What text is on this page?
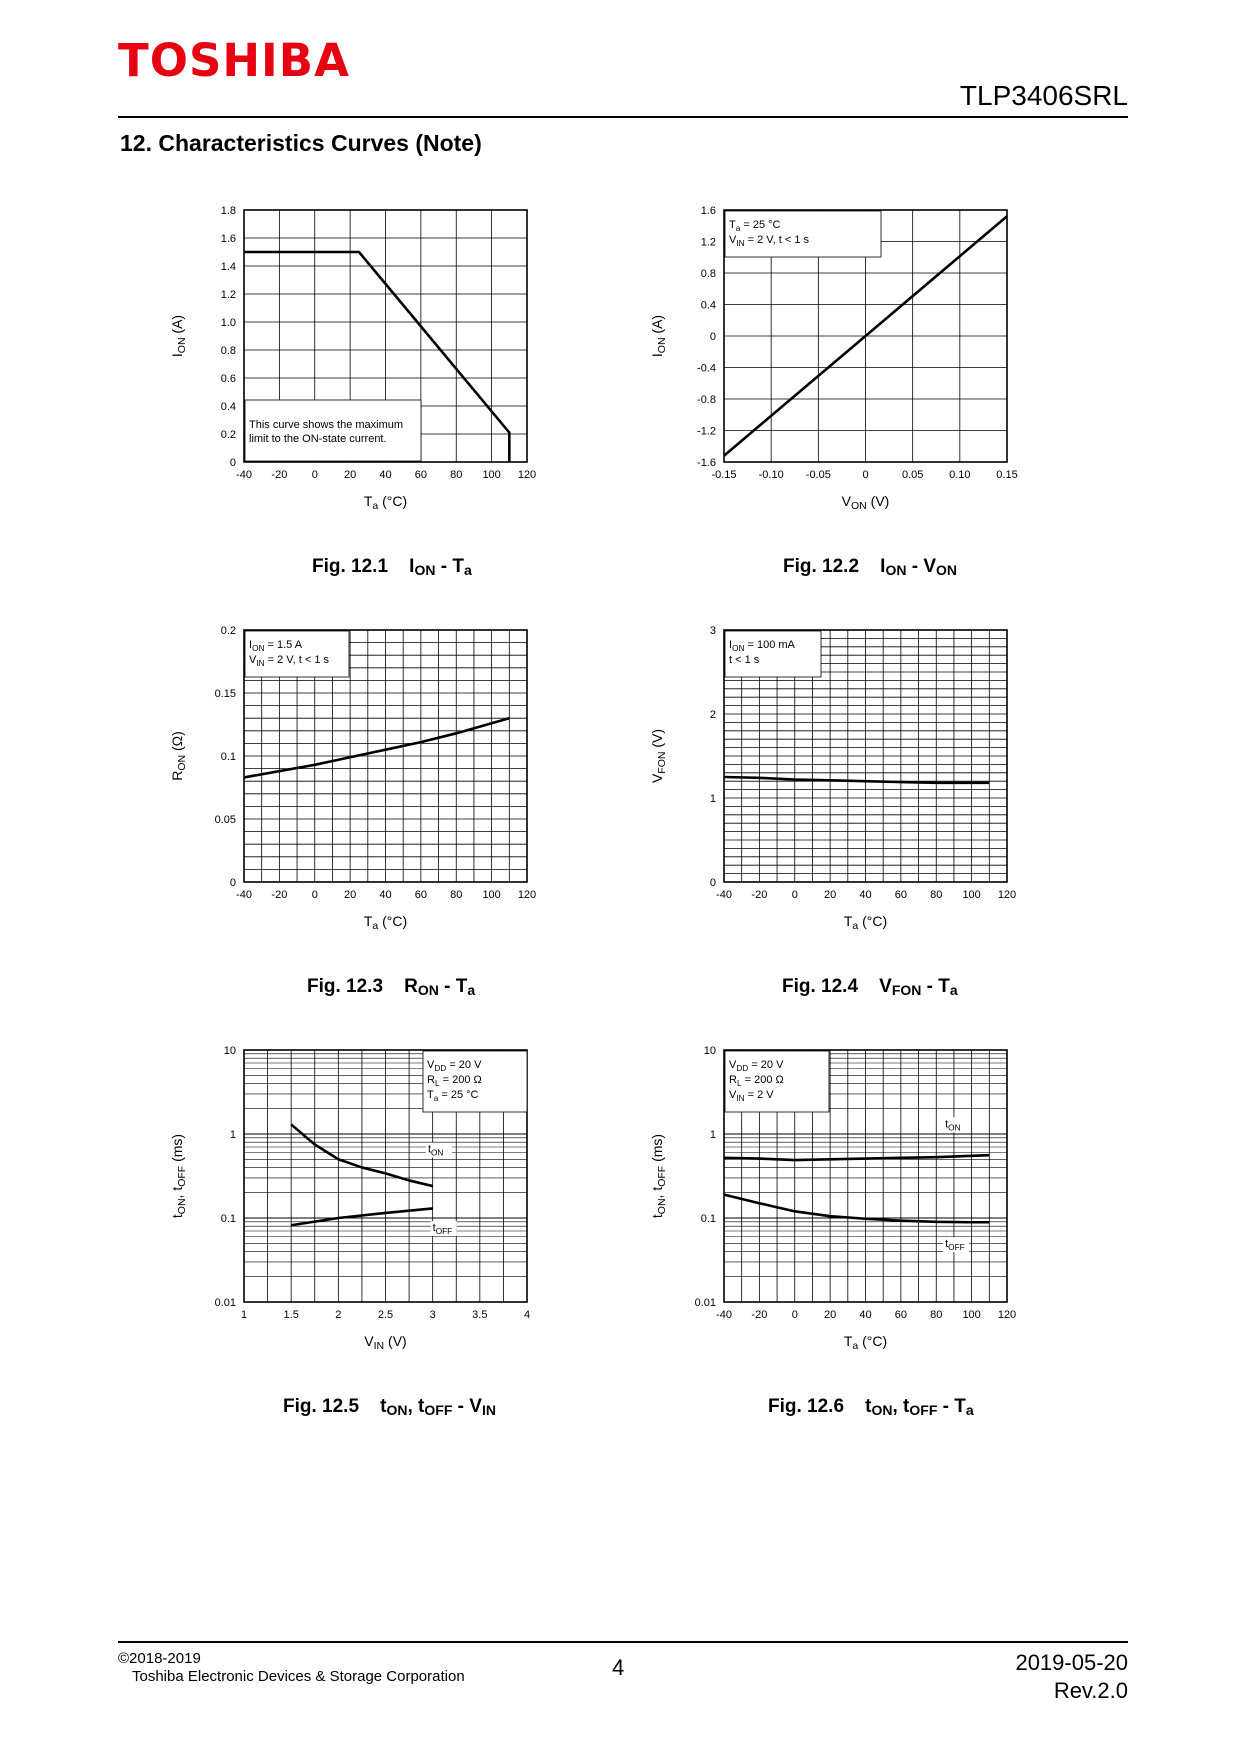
TOSHIBA
TLP3406SRL
12. Characteristics Curves (Note)
-40 -20 0 20 40 60 80 100 120
0
0.2
0.4
0.6
0.8
1.0
1.2
1.4
1.6
1.8
$T_a$ (°C)
$I_{ON}$ (A)
This curve shows the maximum
limit to the ON-state current.
-0.15 -0.10 -0.05	0	0.05 0.10 0.15
-1.6
-1.2
-0.8
-0.4
0
0.4
0.8
1.2
1.6
$V_{ON}$ (V)
$I_{ON}$ (A)
$T_a = 25$ °C
$V_{IN} = 2$ V, t < 1 s
-40 -20 0 20 40 60 80 100 120
0
0.05
0.1
0.15
0.2
$T_a$ (°C)
$R_{ON}$ (Ω)
$I_{ON} = 1.5$ A
$V_{IN} = 2$ V, t < 1 s
-40 -20 0 20 40 60 80 100 120
0
1
2
3
$T_a$ (°C)
$V_{FON}$ (V)
$I_{ON} = 100$ mA
t < 1 s
1	1.5	2	2.5	3	3.5	4
0.01
0.1
1
10
$V_{IN}$ (V)
$t_{ON}$, $t_{OFF}$ (ms)
$V_{DD} = 20$ V
$R_L = 200$ Ω
$T_a = 25$ °C
$t_{ON}$
$t_{OFF}$
-40 -20 0 20 40 60 80 100 120
0.01
0.1
1
10
$T_a$ (°C)
$t_{ON}$, $t_{OFF}$ (ms)
$V_{DD} = 20$ V
$R_L = 200$ Ω
$V_{IN} = 2$ V
$t_{ON}$
$t_{OFF}$
Fig. 12.1 ION - Ta	Fig. 12.2 ION - VON
Fig. 12.3 RON - Ta	Fig. 12.4 VFON - Ta
Fig. 12.5 tON, tOFF - VIN	Fig. 12.6 tON, tOFF - Ta
©2018-2019
Toshiba Electronic Devices & Storage Corporation	4	2019-05-20
Rev.2.0
